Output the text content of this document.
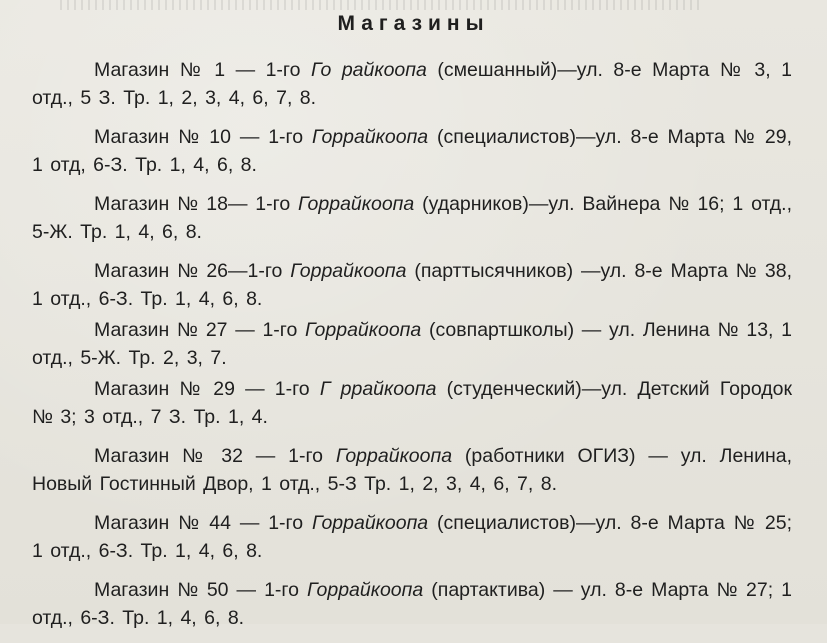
Магазины

Магазин № 1 — 1-го Го райкоопа (смешанный)—ул. 8-е Марта № 3, 1 отд., 5 З. Тр. 1, 2, 3, 4, 6, 7, 8.

Магазин № 10 — 1-го Горрайкоопа (специалистов)—ул. 8-е Марта № 29, 1 отд, 6-З. Тр. 1, 4, 6, 8.

Магазин № 18— 1-го Горрайкоопа (ударников)—ул. Вайнера № 16; 1 отд., 5-Ж. Тр. 1, 4, 6, 8.

Магазин № 26—1-го Горрайкоопа (парттысячников) —ул. 8-е Марта № 38, 1 отд., 6-З. Тр. 1, 4, 6, 8.

Магазин № 27 — 1-го Горрайкоопа (совпартшколы) — ул. Ленина № 13, 1 отд., 5-Ж. Тр. 2, 3, 7.

Магазин № 29 — 1-го Г ррайкоопа (студенческий)—ул. Детский Городок № 3; 3 отд., 7 З. Тр. 1, 4.

Магазин № 32 — 1-го Горрайкоопа (работники ОГИЗ) — ул. Ленина, Новый Гостинный Двор, 1 отд., 5-З Тр. 1, 2, 3, 4, 6, 7, 8.

Магазин № 44 — 1-го Горрайкоопа (специалистов)—ул. 8-е Марта № 25; 1 отд., 6-З. Тр. 1, 4, 6, 8.

Магазин № 50 — 1-го Горрайкоопа (партактива) — ул. 8-е Марта № 27; 1 отд., 6-З. Тр. 1, 4, 6, 8.
